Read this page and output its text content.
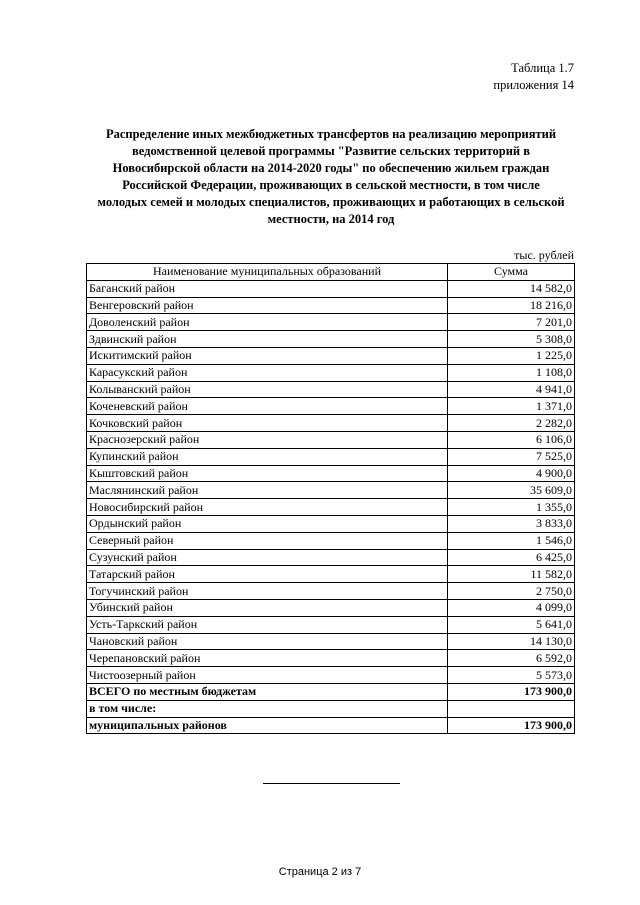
Таблица 1.7
приложения 14
Распределение иных межбюджетных трансфертов на реализацию мероприятий
ведомственной целевой программы "Развитие сельских территорий в
Новосибирской области на 2014-2020 годы" по обеспечению жильем граждан
Российской Федерации, проживающих в сельской местности, в том числе
молодых семей и молодых специалистов, проживающих и работающих в сельской
местности, на 2014 год
тыс. рублей
Наименование муниципальных образований	Сумма
Баганский район	14 582,0
Венгеровский район	18 216,0
Доволенский район	7 201,0
Здвинский район	5 308,0
Искитимский район	1 225,0
Карасукский район	1 108,0
Колыванский район	4 941,0
Коченевский район	1 371,0
Кочковский район	2 282,0
Краснозерский район	6 106,0
Купинский район	7 525,0
Кыштовский район	4 900,0
Маслянинский район	35 609,0
Новосибирский район	1 355,0
Ордынский район	3 833,0
Северный район	1 546,0
Сузунский район	6 425,0
Татарский район	11 582,0
Тогучинский район	2 750,0
Убинский район	4 099,0
Усть-Таркский район	5 641,0
Чановский район	14 130,0
Черепановский район	6 592,0
Чистоозерный район	5 573,0
ВСЕГО по местным бюджетам	173 900,0
в том числе:	
муниципальных районов	173 900,0
Страница 2 из 7
